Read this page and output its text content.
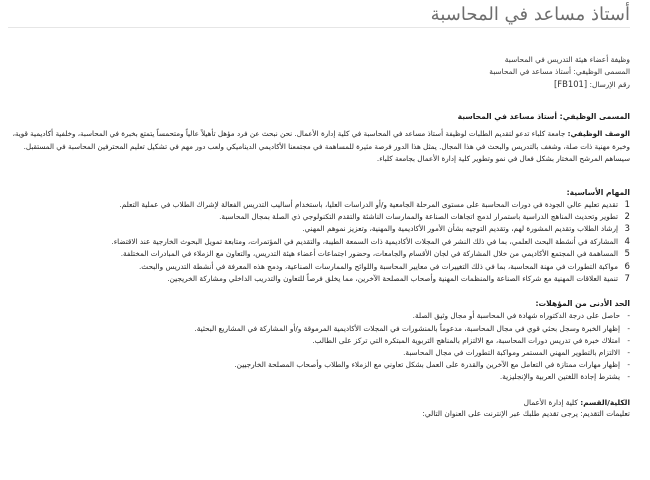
أستاذ مساعد في المحاسبة
وظيفة أعضاء هيئة التدريس في المحاسبة
المسمى الوظيفي: أستاذ مساعد في المحاسبة
رقم الإرسال: [FB101]

المسمى الوظيفي: أستاذ مساعد في المحاسبة

الوصف الوظيفي: جامعة كلباء تدعو لتقديم الطلبات لوظيفة أستاذ مساعد في المحاسبة في كلية إدارة الأعمال. نحن نبحث عن فرد مؤهل تأهيلاً عالياً ومتحمساً يتمتع بخبرة في المحاسبة، وخلفية أكاديمية قوية، وخبرة مهنية ذات صلة، وشغف بالتدريس والبحث في هذا المجال. يمثل هذا الدور فرصة مثيرة للمساهمة في مجتمعنا الأكاديمي الديناميكي ولعب دور مهم في تشكيل تعليم المحترفين المحاسبة في المستقبل. سيساهم المرشح المختار بشكل فعال في نمو وتطوير كلية إدارة الأعمال بجامعة كلباء.

المهام الأساسية:

1
تقديم تعليم عالي الجودة في دورات المحاسبة على مستوى المرحلة الجامعية و/أو الدراسات العليا، باستخدام أساليب التدريس الفعالة لإشراك الطلاب في عملية التعلم.
2
تطوير وتحديث المناهج الدراسية باستمرار لدمج اتجاهات الصناعة والممارسات الناشئة والتقدم التكنولوجي ذي الصلة بمجال المحاسبة.
3
إرشاد الطلاب وتقديم المشورة لهم، وتقديم التوجيه بشأن الأمور الأكاديمية والمهنية، وتعزيز نموهم المهني.
4
المشاركة في أنشطة البحث العلمي، بما في ذلك النشر في المجلات الأكاديمية ذات السمعة الطيبة، والتقديم في المؤتمرات، ومتابعة تمويل البحوث الخارجية عند الاقتضاء.
5
المساهمة في المجتمع الأكاديمي من خلال المشاركة في لجان الأقسام والجامعات، وحضور اجتماعات أعضاء هيئة التدريس، والتعاون مع الزملاء في المبادرات المختلفة.
6
مواكبة التطورات في مهنة المحاسبة، بما في ذلك التغييرات في معايير المحاسبة واللوائح والممارسات الصناعية، ودمج هذه المعرفة في أنشطة التدريس والبحث.
7
تنمية العلاقات المهنية مع شركاء الصناعة والمنظمات المهنية وأصحاب المصلحة الآخرين، مما يخلق فرصاً للتعاون والتدريب الداخلي ومشاركة الخريجين.

الحد الأدنى من المؤهلات:

-
حاصل على درجة الدكتوراه شهادة في المحاسبة أو مجال وثيق الصلة.
-
إظهار الخبرة وسجل بحثي قوي في مجال المحاسبة، مدعوماً بالمنشورات في المجلات الأكاديمية المرموقة و/أو المشاركة في المشاريع البحثية.
-
امتلاك خبرة في تدريس دورات المحاسبة، مع الالتزام بالمناهج التربوية المبتكرة التي تركز على الطالب.
-
الالتزام بالتطوير المهني المستمر ومواكبة التطورات في مجال المحاسبة.
-
إظهار مهارات ممتازة في التعامل مع الآخرين والقدرة على العمل بشكل تعاوني مع الزملاء والطلاب وأصحاب المصلحة الخارجيين.
-
يشترط إجادة اللغتين العربية والإنجليزية.
الكلية/القسم: كلية إدارة الأعمال
تعليمات التقديم: يرجى تقديم طلبك عبر الإنترنت على العنوان التالي:
